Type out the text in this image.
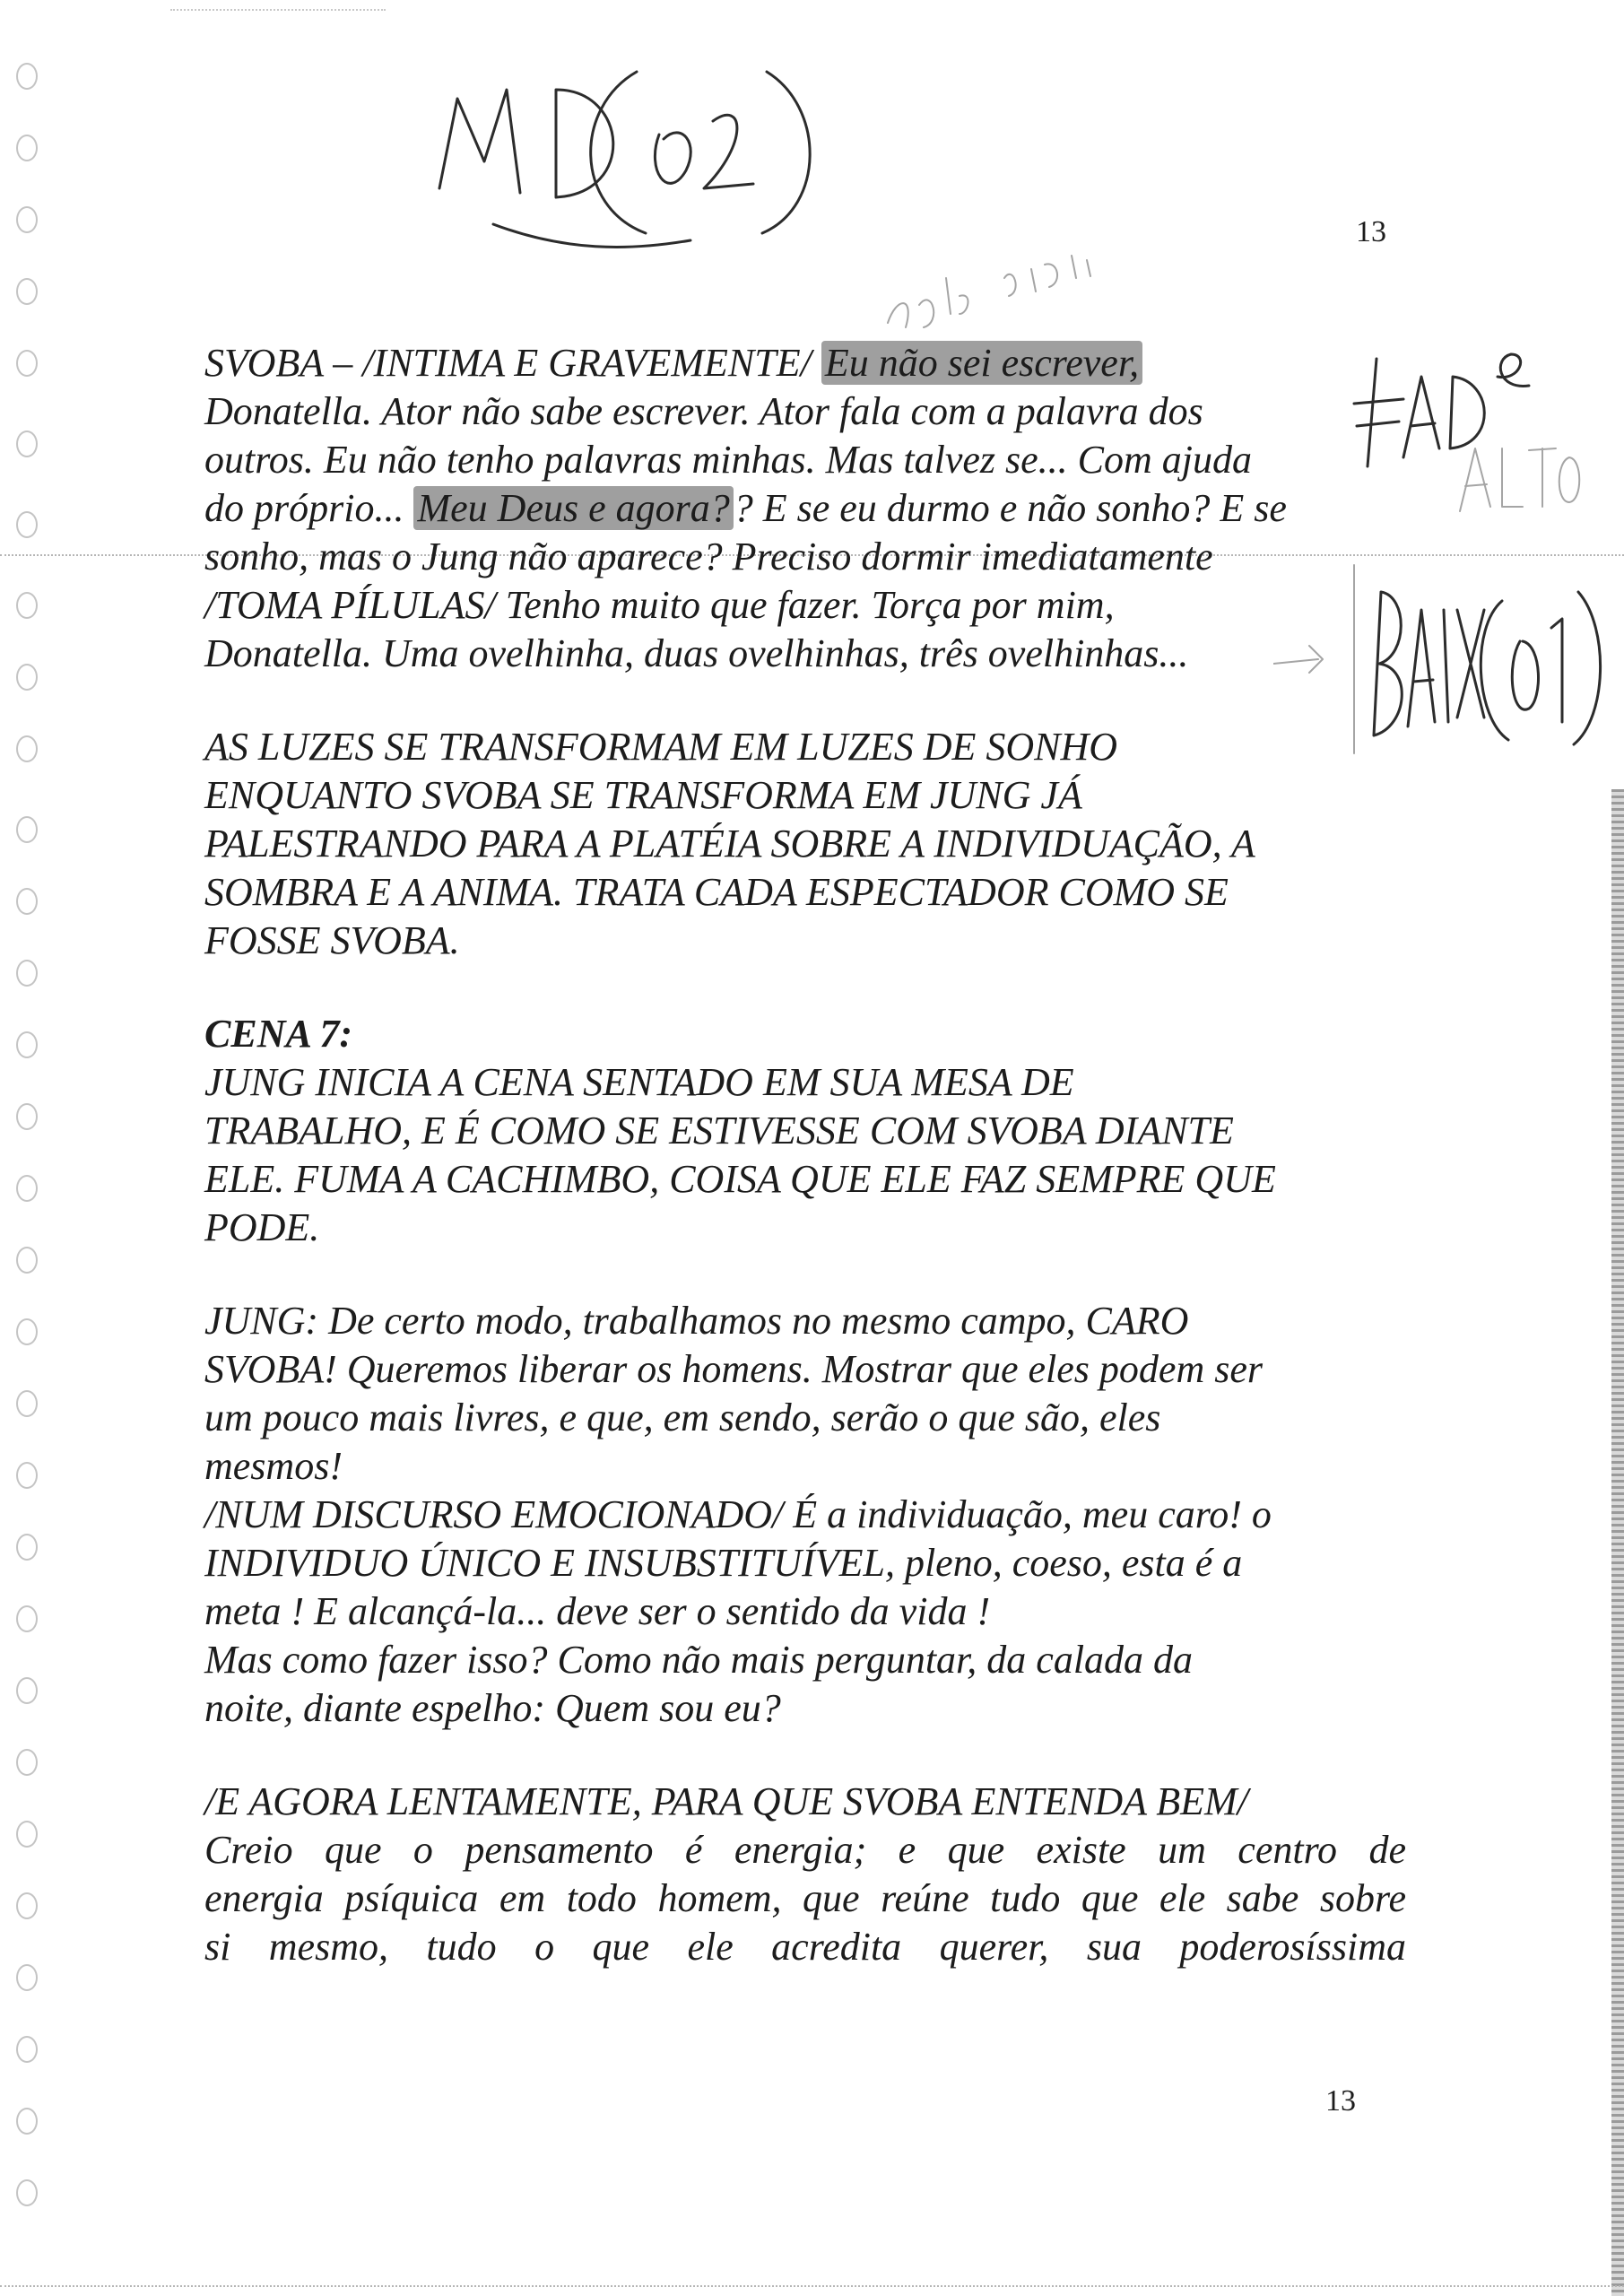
13
13
SVOBA – /INTIMA E GRAVEMENTE/ Eu não sei escrever,
Donatella. Ator não sabe escrever. Ator fala com a palavra dos
outros. Eu não tenho palavras minhas. Mas talvez se... Com ajuda
do próprio... Meu Deus e agora?? E se eu durmo e não sonho? E se
sonho, mas o Jung não aparece? Preciso dormir imediatamente
/TOMA PÍLULAS/ Tenho muito que fazer. Torça por mim,
Donatella. Uma ovelhinha, duas ovelhinhas, três ovelhinhas...
AS LUZES SE TRANSFORMAM EM LUZES DE SONHO
ENQUANTO SVOBA SE TRANSFORMA EM JUNG JÁ
PALESTRANDO PARA A PLATÉIA SOBRE A INDIVIDUAÇÃO, A
SOMBRA E A ANIMA. TRATA CADA ESPECTADOR COMO SE
FOSSE SVOBA.
CENA 7:
JUNG INICIA A CENA SENTADO EM SUA MESA DE
TRABALHO, E É COMO SE ESTIVESSE COM SVOBA DIANTE
ELE. FUMA A CACHIMBO, COISA QUE ELE FAZ SEMPRE QUE
PODE.
JUNG: De certo modo, trabalhamos no mesmo campo, CARO
SVOBA! Queremos liberar os homens. Mostrar que eles podem ser
um pouco mais livres, e que, em sendo, serão o que são, eles
mesmos!
/NUM DISCURSO EMOCIONADO/ É a individuação, meu caro! o
INDIVIDUO ÚNICO E INSUBSTITUÍVEL, pleno, coeso, esta é a
meta ! E alcançá-la... deve ser o sentido da vida !
Mas como fazer isso? Como não mais perguntar, da calada da
noite, diante espelho: Quem sou eu?
/E AGORA LENTAMENTE, PARA QUE SVOBA ENTENDA BEM/
Creio que o pensamento é energia; e que existe um centro de
energia psíquica em todo homem, que reúne tudo que ele sabe sobre
si mesmo, tudo o que ele acredita querer, sua poderosíssima
